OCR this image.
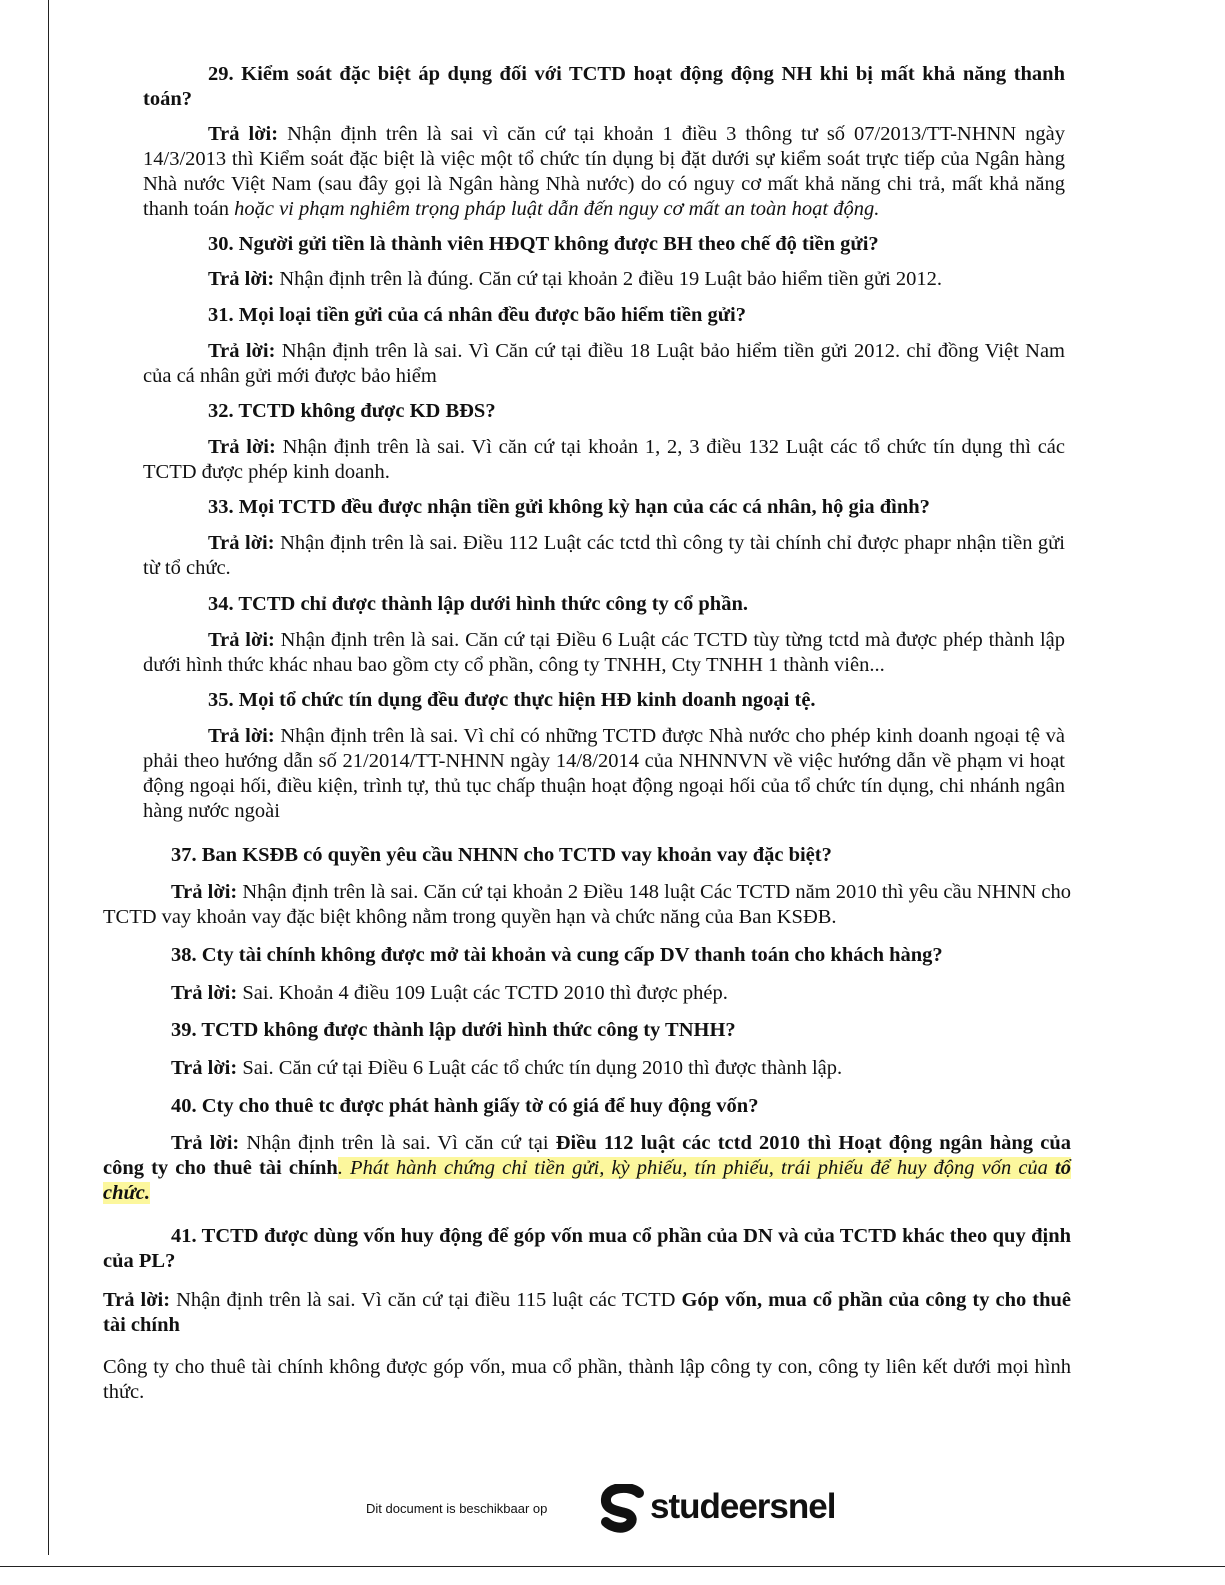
29. Kiểm soát đặc biệt áp dụng đối với TCTD hoạt động động NH khi bị mất khả năng thanh toán?

Trả lời: Nhận định trên là sai vì căn cứ tại khoản 1 điều 3 thông tư số 07/2013/TT-NHNN ngày 14/3/2013 thì Kiểm soát đặc biệt là việc một tổ chức tín dụng bị đặt dưới sự kiểm soát trực tiếp của Ngân hàng Nhà nước Việt Nam (sau đây gọi là Ngân hàng Nhà nước) do có nguy cơ mất khả năng chi trả, mất khả năng thanh toán hoặc vi phạm nghiêm trọng pháp luật dẫn đến nguy cơ mất an toàn hoạt động.

30. Người gửi tiền là thành viên HĐQT không được BH theo chế độ tiền gửi?

Trả lời: Nhận định trên là đúng. Căn cứ tại khoản 2 điều 19 Luật bảo hiểm tiền gửi 2012.

31. Mọi loại tiền gửi của cá nhân đều được bão hiểm tiền gửi?

Trả lời: Nhận định trên là sai. Vì Căn cứ tại điều 18 Luật bảo hiểm tiền gửi 2012. chỉ đồng Việt Nam của cá nhân gửi mới được bảo hiểm

32. TCTD không được KD BĐS?

Trả lời: Nhận định trên là sai. Vì căn cứ tại khoản 1, 2, 3 điều 132 Luật các tổ chức tín dụng thì các TCTD được phép kinh doanh.

33. Mọi TCTD đều được nhận tiền gửi không kỳ hạn của các cá nhân, hộ gia đình?

Trả lời: Nhận định trên là sai. Điều 112 Luật các tctd thì công ty tài chính chỉ được phapr nhận tiền gửi từ tổ chức.

34. TCTD chỉ được thành lập dưới hình thức công ty cổ phần.

Trả lời: Nhận định trên là sai. Căn cứ tại Điều 6 Luật các TCTD tùy từng tctd mà được phép thành lập dưới hình thức khác nhau bao gồm cty cổ phần, công ty TNHH, Cty TNHH 1 thành viên...

35. Mọi tổ chức tín dụng đều được thực hiện HĐ kinh doanh ngoại tệ.

Trả lời: Nhận định trên là sai. Vì chỉ có những TCTD được Nhà nước cho phép kinh doanh ngoại tệ và phải theo hướng dẫn số 21/2014/TT-NHNN ngày 14/8/2014 của NHNNVN về việc hướng dẫn về phạm vi hoạt động ngoại hối, điều kiện, trình tự, thủ tục chấp thuận hoạt động ngoại hối của tổ chức tín dụng, chi nhánh ngân hàng nước ngoài

37. Ban KSĐB có quyền yêu cầu NHNN cho TCTD vay khoản vay đặc biệt?

Trả lời: Nhận định trên là sai. Căn cứ tại khoản 2 Điều 148 luật Các TCTD năm 2010 thì yêu cầu NHNN cho TCTD vay khoản vay đặc biệt không nằm trong quyền hạn và chức năng của Ban KSĐB.

38. Cty tài chính không được mở tài khoản và cung cấp DV thanh toán cho khách hàng?

Trả lời: Sai. Khoản 4 điều 109 Luật các TCTD 2010 thì được phép.

39. TCTD không được thành lập dưới hình thức công ty TNHH?

Trả lời: Sai. Căn cứ tại Điều 6 Luật các tổ chức tín dụng 2010 thì được thành lập.

40. Cty cho thuê tc được phát hành giấy tờ có giá để huy động vốn?

Trả lời: Nhận định trên là sai. Vì căn cứ tại Điều 112 luật các tctd 2010 thì Hoạt động ngân hàng của công ty cho thuê tài chính. Phát hành chứng chỉ tiền gửi, kỳ phiếu, tín phiếu, trái phiếu để huy động vốn của tổ chức.

41. TCTD được dùng vốn huy động để góp vốn mua cổ phần của DN và của TCTD khác theo quy định của PL?

Trả lời: Nhận định trên là sai. Vì căn cứ tại điều 115 luật các TCTD Góp vốn, mua cổ phần của công ty cho thuê tài chính

Công ty cho thuê tài chính không được góp vốn, mua cổ phần, thành lập công ty con, công ty liên kết dưới mọi hình thức.

Dit document is beschikbaar op	studeersnel
